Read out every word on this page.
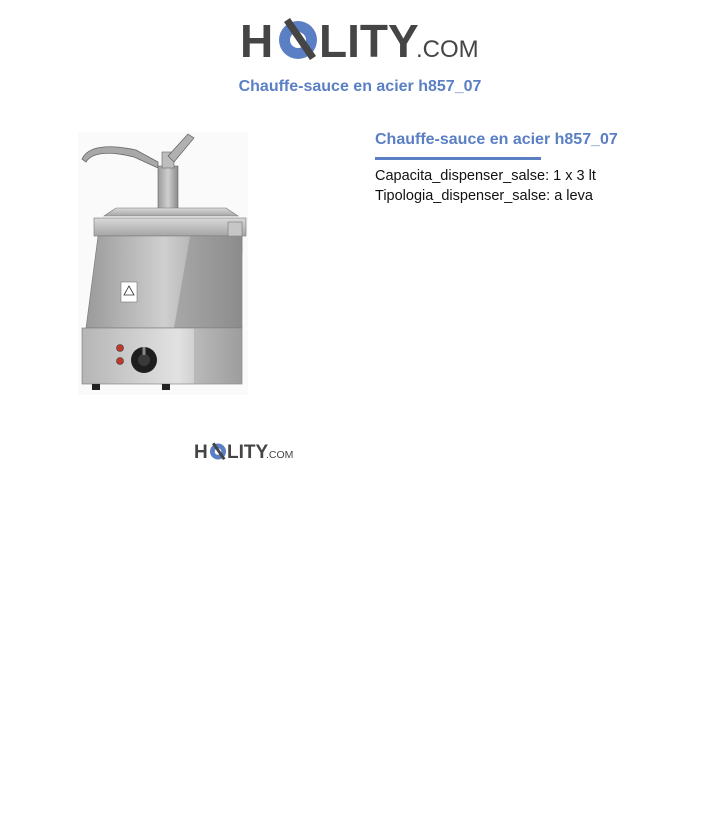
H LITY
.COM
Chauffe-sauce en acier h857_07
Chauffe-sauce en acier h857_07
Capacita_dispenser_salse: 1 x 3 lt
Tipologia_dispenser_salse: a leva
H LITY
.COM
